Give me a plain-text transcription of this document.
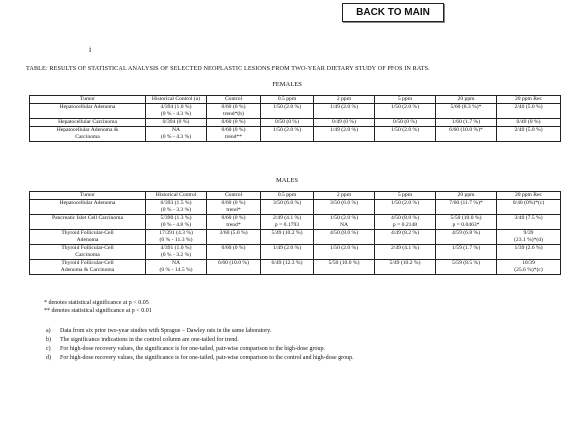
BACK TO MAIN
i
TABLE: RESULTS OF STATISTICAL ANALYSIS OF SELECTED NEOPLASTIC LESIONS FROM TWO-YEAR DIETARY STUDY OF PFOS IN RATS.
FEMALES
Tumor	Historical Control (a)	Control	0.5 ppm	2 ppm	5 ppm	20 ppm	20 ppm Rec
Hepatocellular Adenoma	4/394 (1.0 %)
(0 % - 4.3 %)	0/60 (0 %)
trend*(b)	1/50 (2.0 %)	1/49 (2.0 %)	1/50 (2.0 %)	5/60 (8.3 %)*	2/40 (5.0 %)
Hepatocellular Carcinoma	0/394 (0 %)	0/60 (0 %)	0/50 (0 %)	0/49 (0 %)	0/50 (0 %)	1/60 (1.7 %)	0/40 (0 %)
Hepatocellular Adenoma &
Carcinoma	NA
(0 % - 4.3 %)	0/60 (0 %)
trend**	1/50 (2.0 %)	1/49 (2.0 %)	1/50 (2.0 %)	6/60 (10.0 %)*	2/40 (5.0 %)
MALES
Tumor	Historical Control	Control	0.5 ppm	2 ppm	5 ppm	20 ppm	20 ppm Rec
Hepatocellular Adenoma	6/393 (1.5 %)
(0 % - 3.3 %)	0/60 (0 %)
trend*	3/50 (6.0 %)	3/50 (6.0 %)	1/50 (2.0 %)	7/60 (11.7 %)*	0/40 (0%)*(c)
Pancreatic Islet Cell Carcinoma	5/390 (1.3 %)
(0 % - 4.8 %)	0/60 (0 %)
trend*	2/49 (4.1 %)
p = 0.1793	1/50 (2.0 %)
NA	4/50 (8.0 %)
p = 0.2148	5/50 (10.0 %)
p = 0.0463*	3/40 (7.5 %)
Thyroid Follicular-Cell
Adenoma	17/391 (4.3 %)
(0 % - 11.3 %)	3/60 (5.0 %)	5/49 (10.2 %)	4/50 (8.0 %)	4/49 (8.2 %)	4/59 (6.8 %)	9/39
(23.1 %)*(d)
Thyroid Follicular-Cell
Carcinoma	4/391 (1.0 %)
(0 % - 3.2 %)	0/60 (0 %)	1/49 (2.0 %)	1/50 (2.0 %)	2/49 (4.1 %)	1/59 (1.7 %)	1/39 (2.6 %)
Thyroid Follicular-Cell
Adenoma & Carcinoma	NA
(0 % - 14.5 %)	6/60 (10.0 %)	6/49 (12.3 %)	5/50 (10.0 %)	5/49 (10.2 %)	5/59 (8.5 %)	10/39
(25.6 %)*(c)
* denotes statistical significance at p < 0.05
** denotes statistical significance at p < 0.01
a) Data from six prior two-year studies with Sprague – Dawley rats in the same laboratory.
b) The significance indications in the control column are one-tailed for trend.
c) For high-dose recovery values, the significance is for one-tailed, pair-wise comparison to the high-dose group.
d) For high-dose recovery values, the significance is for one-tailed, pair-wise comparison to the control and high-dose group.
